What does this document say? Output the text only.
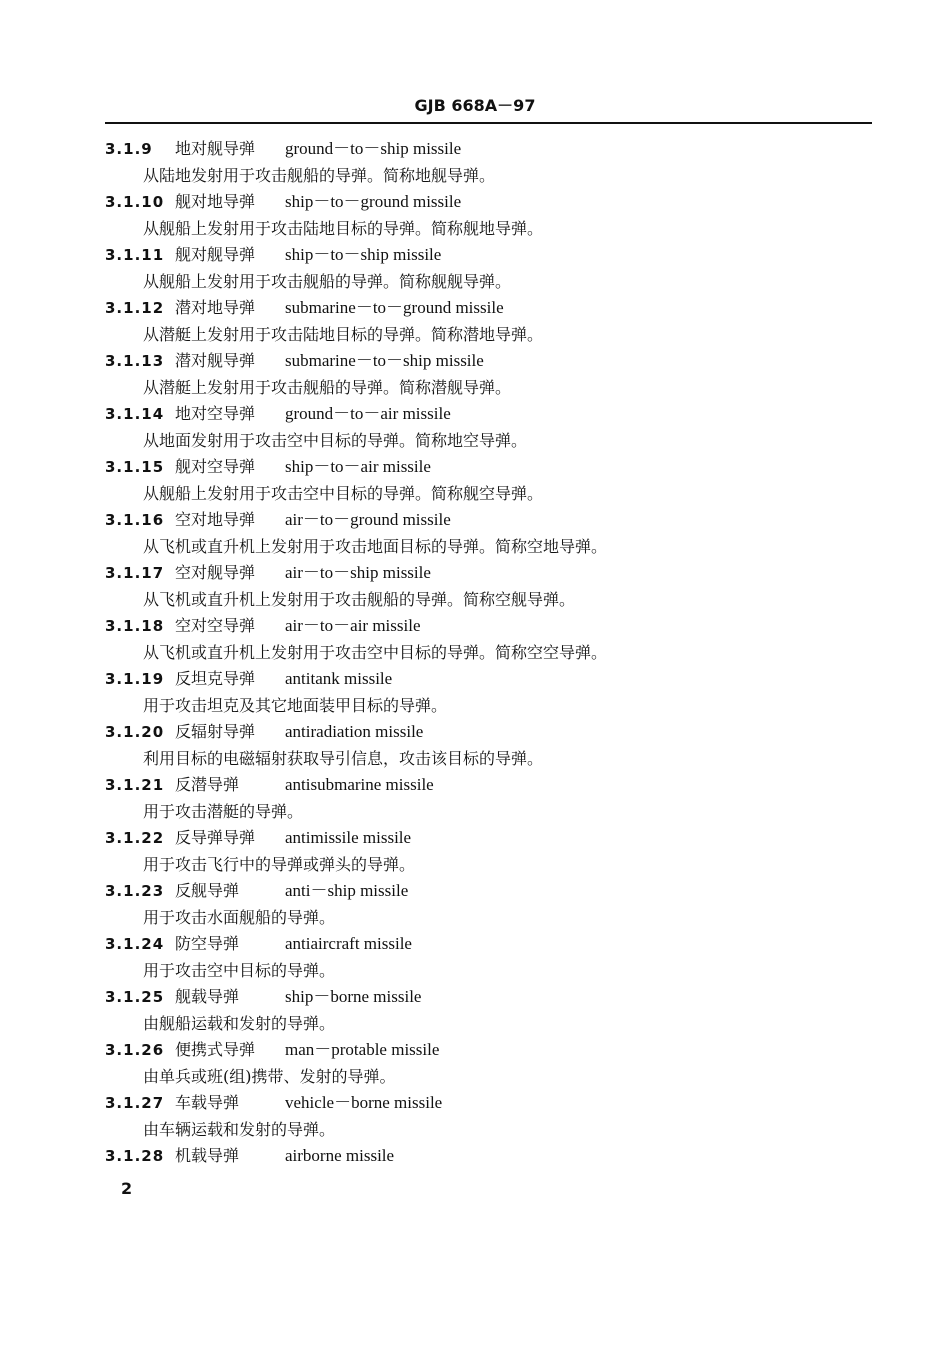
GJB 668A－97
3.1.9 地对舰导弹 ground－to－ship missile
从陆地发射用于攻击舰船的导弹。简称地舰导弹。
3.1.10 舰对地导弹 ship－to－ground missile
从舰船上发射用于攻击陆地目标的导弹。简称舰地导弹。
3.1.11 舰对舰导弹 ship－to－ship missile
从舰船上发射用于攻击舰船的导弹。简称舰舰导弹。
3.1.12 潜对地导弹 submarine－to－ground missile
从潜艇上发射用于攻击陆地目标的导弹。简称潜地导弹。
3.1.13 潜对舰导弹 submarine－to－ship missile
从潜艇上发射用于攻击舰船的导弹。简称潜舰导弹。
3.1.14 地对空导弹 ground－to－air missile
从地面发射用于攻击空中目标的导弹。简称地空导弹。
3.1.15 舰对空导弹 ship－to－air missile
从舰船上发射用于攻击空中目标的导弹。简称舰空导弹。
3.1.16 空对地导弹 air－to－ground missile
从飞机或直升机上发射用于攻击地面目标的导弹。简称空地导弹。
3.1.17 空对舰导弹 air－to－ship missile
从飞机或直升机上发射用于攻击舰船的导弹。简称空舰导弹。
3.1.18 空对空导弹 air－to－air missile
从飞机或直升机上发射用于攻击空中目标的导弹。简称空空导弹。
3.1.19 反坦克导弹 antitank missile
用于攻击坦克及其它地面装甲目标的导弹。
3.1.20 反辐射导弹 antiradiation missile
利用目标的电磁辐射获取导引信息，攻击该目标的导弹。
3.1.21 反潜导弹	antisubmarine missile
用于攻击潜艇的导弹。
3.1.22 反导弹导弹 antimissile missile
用于攻击飞行中的导弹或弹头的导弹。
3.1.23 反舰导弹	anti－ship missile
用于攻击水面舰船的导弹。
3.1.24 防空导弹	antiaircraft missile
用于攻击空中目标的导弹。
3.1.25 舰载导弹	ship－borne missile
由舰船运载和发射的导弹。
3.1.26 便携式导弹 man－protable missile
由单兵或班(组)携带、发射的导弹。
3.1.27 车载导弹	vehicle－borne missile
由车辆运载和发射的导弹。
3.1.28 机载导弹	airborne missile
2
